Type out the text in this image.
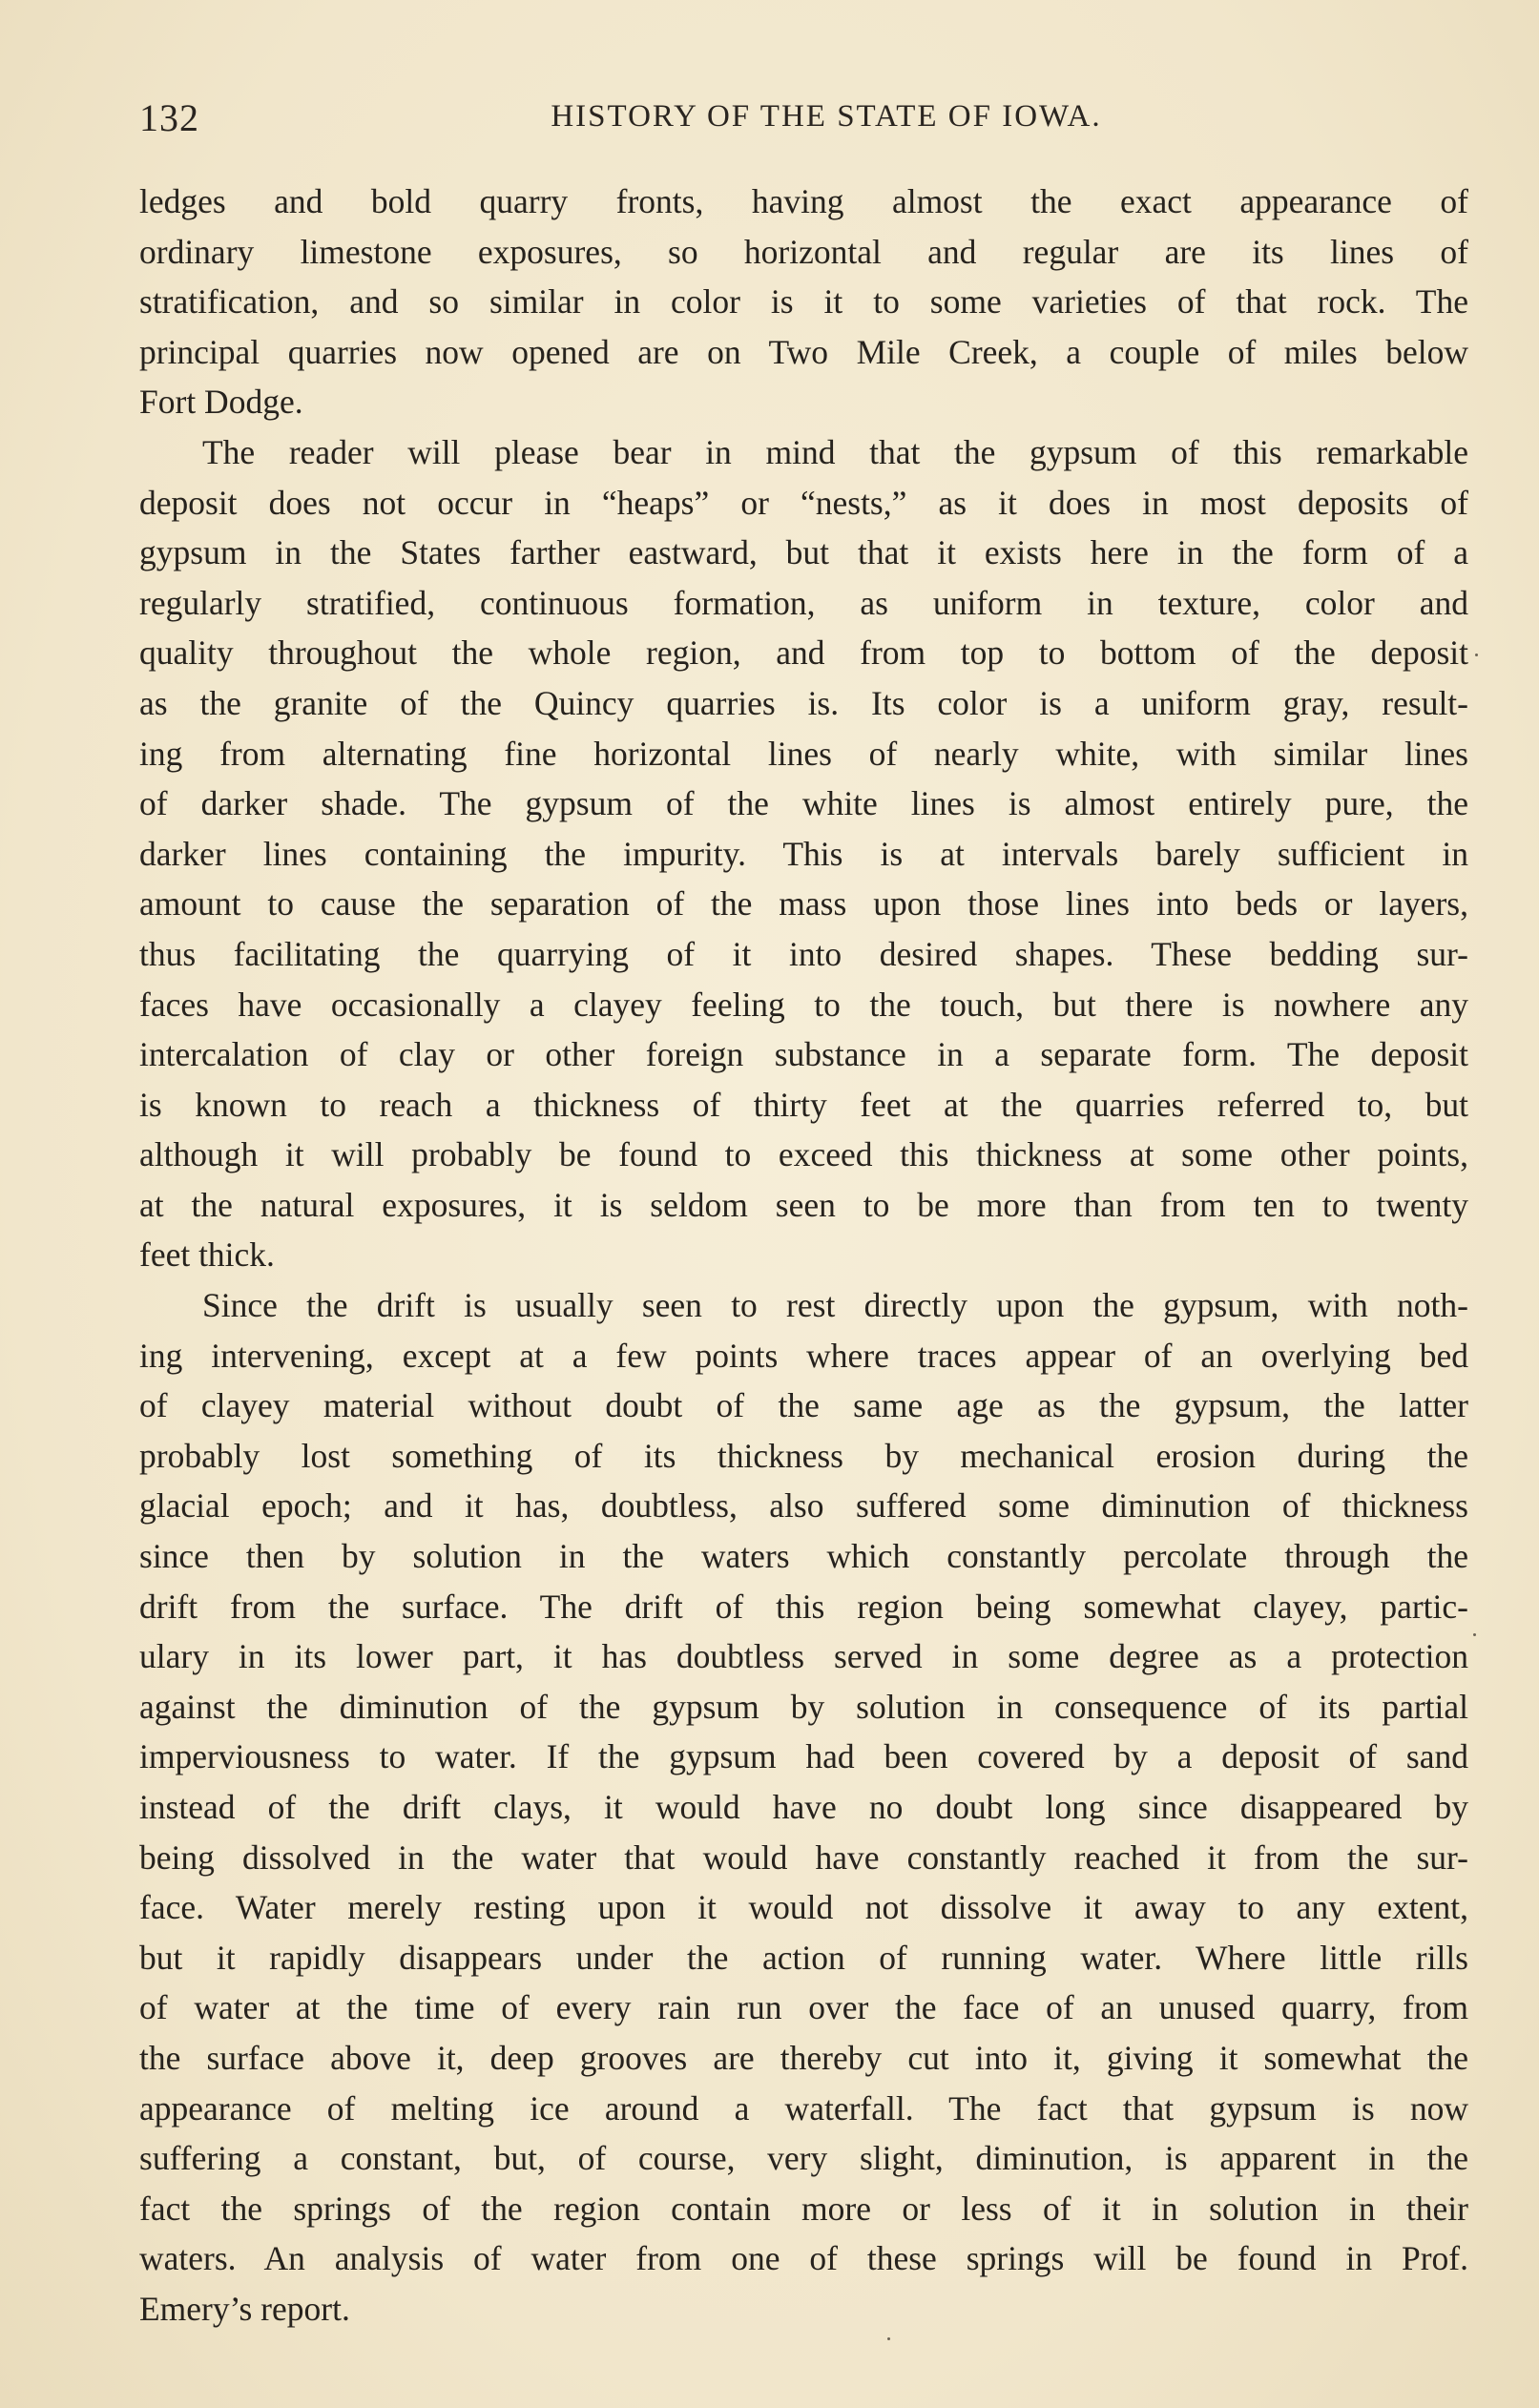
132	HISTORY OF THE STATE OF IOWA.
ledges and bold quarry fronts, having almost the exact appearance of
ordinary limestone exposures, so horizontal and regular are its lines of
stratification, and so similar in color is it to some varieties of that rock. The
principal quarries now opened are on Two Mile Creek, a couple of miles below
Fort Dodge.
The reader will please bear in mind that the gypsum of this remarkable
deposit does not occur in “heaps” or “nests,” as it does in most deposits of
gypsum in the States farther eastward, but that it exists here in the form of a
regularly stratified, continuous formation, as uniform in texture, color and
quality throughout the whole region, and from top to bottom of the deposit
as the granite of the Quincy quarries is. Its color is a uniform gray, result-
ing from alternating fine horizontal lines of nearly white, with similar lines
of darker shade. The gypsum of the white lines is almost entirely pure, the
darker lines containing the impurity. This is at intervals barely sufficient in
amount to cause the separation of the mass upon those lines into beds or layers,
thus facilitating the quarrying of it into desired shapes. These bedding sur-
faces have occasionally a clayey feeling to the touch, but there is nowhere any
intercalation of clay or other foreign substance in a separate form. The deposit
is known to reach a thickness of thirty feet at the quarries referred to, but
although it will probably be found to exceed this thickness at some other points,
at the natural exposures, it is seldom seen to be more than from ten to twenty
feet thick.
Since the drift is usually seen to rest directly upon the gypsum, with noth-
ing intervening, except at a few points where traces appear of an overlying bed
of clayey material without doubt of the same age as the gypsum, the latter
probably lost something of its thickness by mechanical erosion during the
glacial epoch; and it has, doubtless, also suffered some diminution of thickness
since then by solution in the waters which constantly percolate through the
drift from the surface. The drift of this region being somewhat clayey, partic-
ulary in its lower part, it has doubtless served in some degree as a protection
against the diminution of the gypsum by solution in consequence of its partial
imperviousness to water. If the gypsum had been covered by a deposit of sand
instead of the drift clays, it would have no doubt long since disappeared by
being dissolved in the water that would have constantly reached it from the sur-
face. Water merely resting upon it would not dissolve it away to any extent,
but it rapidly disappears under the action of running water. Where little rills
of water at the time of every rain run over the face of an unused quarry, from
the surface above it, deep grooves are thereby cut into it, giving it somewhat the
appearance of melting ice around a waterfall. The fact that gypsum is now
suffering a constant, but, of course, very slight, diminution, is apparent in the
fact the springs of the region contain more or less of it in solution in their
waters. An analysis of water from one of these springs will be found in Prof.
Emery’s report.
